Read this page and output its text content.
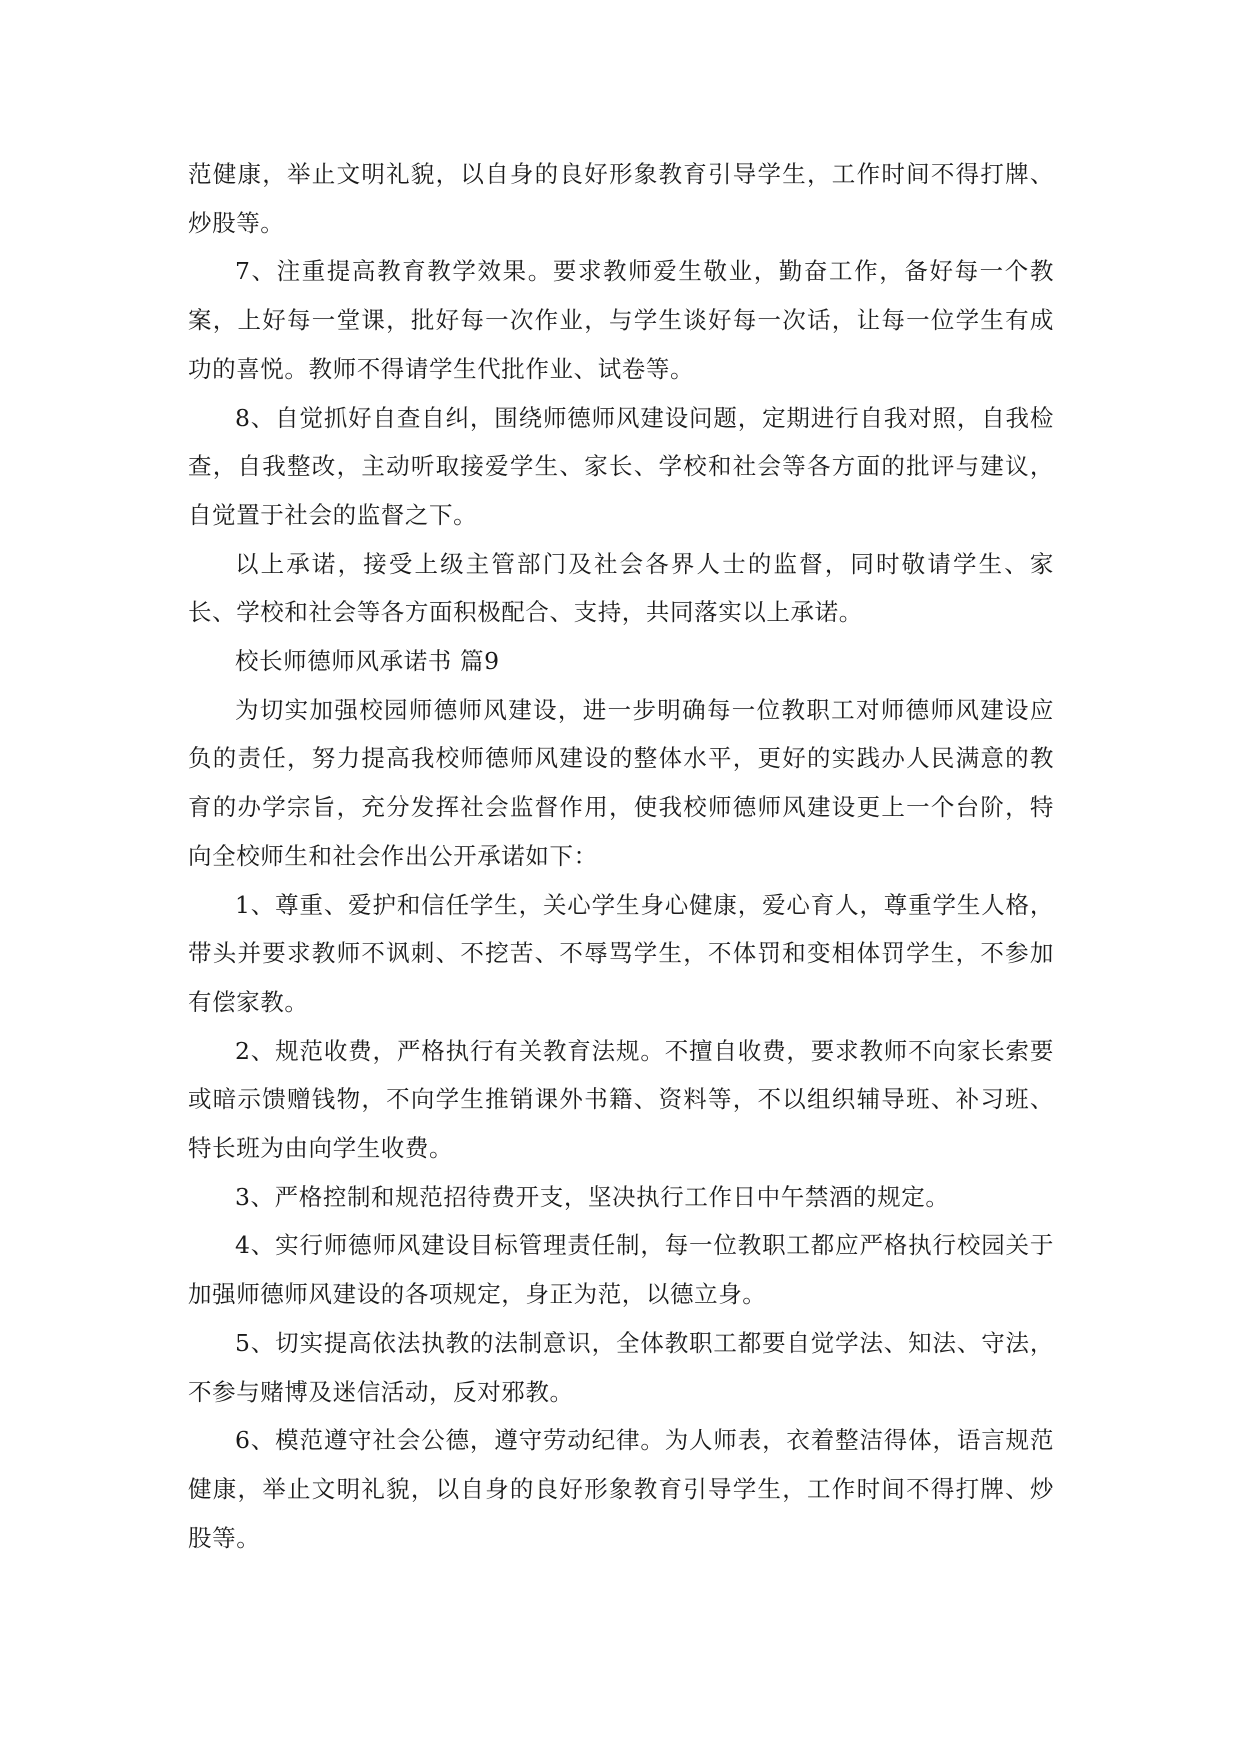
范健康，举止文明礼貌，以自身的良好形象教育引导学生，工作时间不得打牌、炒股等。

7、注重提高教育教学效果。要求教师爱生敬业，勤奋工作，备好每一个教案，上好每一堂课，批好每一次作业，与学生谈好每一次话，让每一位学生有成功的喜悦。教师不得请学生代批作业、试卷等。

8、自觉抓好自查自纠，围绕师德师风建设问题，定期进行自我对照，自我检查，自我整改，主动听取接爱学生、家长、学校和社会等各方面的批评与建议，自觉置于社会的监督之下。

以上承诺，接受上级主管部门及社会各界人士的监督，同时敬请学生、家长、学校和社会等各方面积极配合、支持，共同落实以上承诺。

校长师德师风承诺书 篇9

为切实加强校园师德师风建设，进一步明确每一位教职工对师德师风建设应负的责任，努力提高我校师德师风建设的整体水平，更好的实践办人民满意的教育的办学宗旨，充分发挥社会监督作用，使我校师德师风建设更上一个台阶，特向全校师生和社会作出公开承诺如下：

1、尊重、爱护和信任学生，关心学生身心健康，爱心育人，尊重学生人格，带头并要求教师不讽刺、不挖苦、不辱骂学生，不体罚和变相体罚学生，不参加有偿家教。

2、规范收费，严格执行有关教育法规。不擅自收费，要求教师不向家长索要或暗示馈赠钱物，不向学生推销课外书籍、资料等，不以组织辅导班、补习班、特长班为由向学生收费。

3、严格控制和规范招待费开支，坚决执行工作日中午禁酒的规定。

4、实行师德师风建设目标管理责任制，每一位教职工都应严格执行校园关于加强师德师风建设的各项规定，身正为范，以德立身。

5、切实提高依法执教的法制意识，全体教职工都要自觉学法、知法、守法，不参与赌博及迷信活动，反对邪教。

6、模范遵守社会公德，遵守劳动纪律。为人师表，衣着整洁得体，语言规范健康，举止文明礼貌，以自身的良好形象教育引导学生，工作时间不得打牌、炒股等。
